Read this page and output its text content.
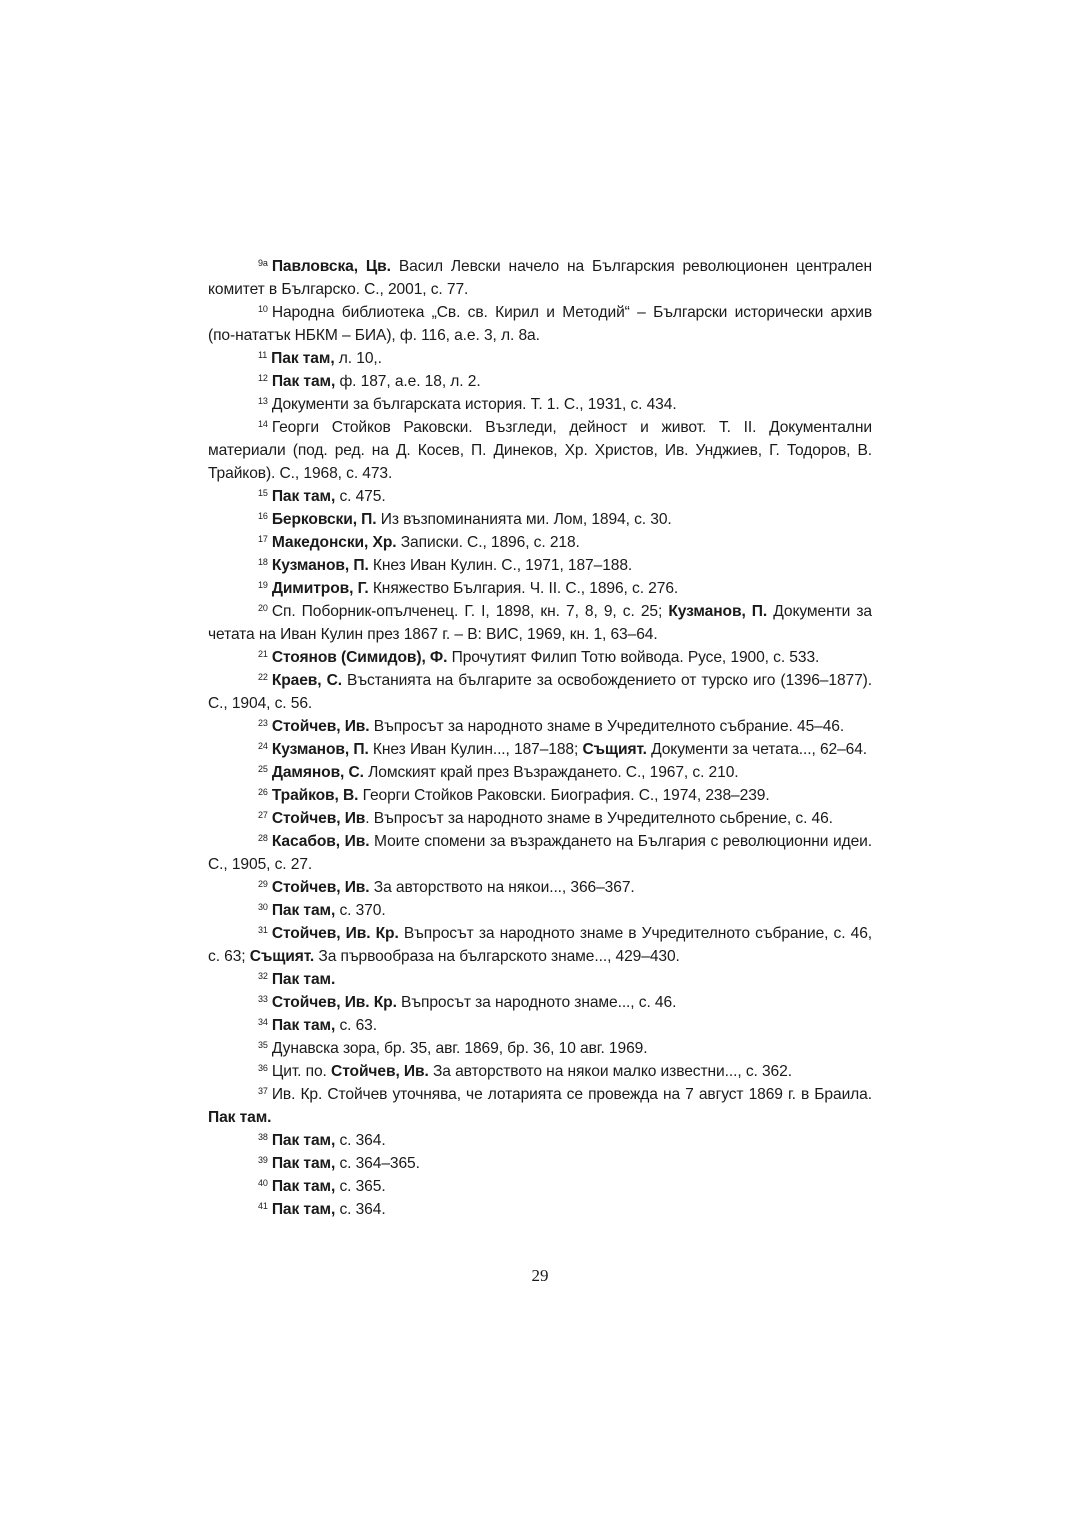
$^{9a}$ Павловска, Цв. Васил Левски начело на Българския революционен централен комитет в Българско. С., 2001, с. 77.

$^{10}$ Народна библиотека „Св. св. Кирил и Методий“ – Български исторически архив (по-нататък НБКМ – БИА), ф. 116, а.е. 3, л. 8а.

$^{11}$ Пак там, л. 10,.

$^{12}$ Пак там, ф. 187, а.е. 18, л. 2.

$^{13}$ Документи за българската история. Т. 1. С., 1931, с. 434.

$^{14}$ Георги Стойков Раковски. Възгледи, дейност и живот. Т. II. Документални материали (под. ред. на Д. Косев, П. Динеков, Хр. Христов, Ив. Унджиев, Г. Тодоров, В. Трайков). С., 1968, с. 473.

$^{15}$ Пак там, с. 475.

$^{16}$ Берковски, П. Из възпоминанията ми. Лом, 1894, с. 30.

$^{17}$ Македонски, Хр. Записки. С., 1896, с. 218.

$^{18}$ Кузманов, П. Кнез Иван Кулин. С., 1971, 187–188.

$^{19}$ Димитров, Г. Княжество България. Ч. II. С., 1896, с. 276.

$^{20}$ Сп. Поборник-опълченец. Г. I, 1898, кн. 7, 8, 9, с. 25; Кузманов, П. Документи за четата на Иван Кулин през 1867 г. – В: ВИС, 1969, кн. 1, 63–64.

$^{21}$ Стоянов (Симидов), Ф. Прочутият Филип Тотю войвода. Русе, 1900, с. 533.

$^{22}$ Краев, С. Въстанията на българите за освобождението от турско иго (1396–1877). С., 1904, с. 56.

$^{23}$ Стойчев, Ив. Въпросът за народното знаме в Учредителното събрание. 45–46.

$^{24}$ Кузманов, П. Кнез Иван Кулин..., 187–188; Същият. Документи за четата..., 62–64.

$^{25}$ Дамянов, С. Ломският край през Възраждането. С., 1967, с. 210.

$^{26}$ Трайков, В. Георги Стойков Раковски. Биография. С., 1974, 238–239.

$^{27}$ Стойчев, Ив. Въпросът за народното знаме в Учредителното сьбрение, с. 46.

$^{28}$ Касабов, Ив. Моите спомени за възраждането на България с революционни идеи. С., 1905, с. 27.

$^{29}$ Стойчев, Ив. За авторството на някои..., 366–367.

$^{30}$ Пак там, с. 370.

$^{31}$ Стойчев, Ив. Кр. Въпросът за народното знаме в Учредителното събрание, с. 46, с. 63; Същият. За първообраза на българското знаме..., 429–430.

$^{32}$ Пак там.

$^{33}$ Стойчев, Ив. Кр. Въпросът за народното знаме..., с. 46.

$^{34}$ Пак там, с. 63.

$^{35}$ Дунавска зора, бр. 35, авг. 1869, бр. 36, 10 авг. 1969.

$^{36}$ Цит. по. Стойчев, Ив. За авторството на някои малко известни..., с. 362.

$^{37}$ Ив. Кр. Стойчев уточнява, че лотарията се провежда на 7 август 1869 г. в Браила. Пак там.

$^{38}$ Пак там, с. 364.

$^{39}$ Пак там, с. 364–365.

$^{40}$ Пак там, с. 365.

$^{41}$ Пак там, с. 364.

29
